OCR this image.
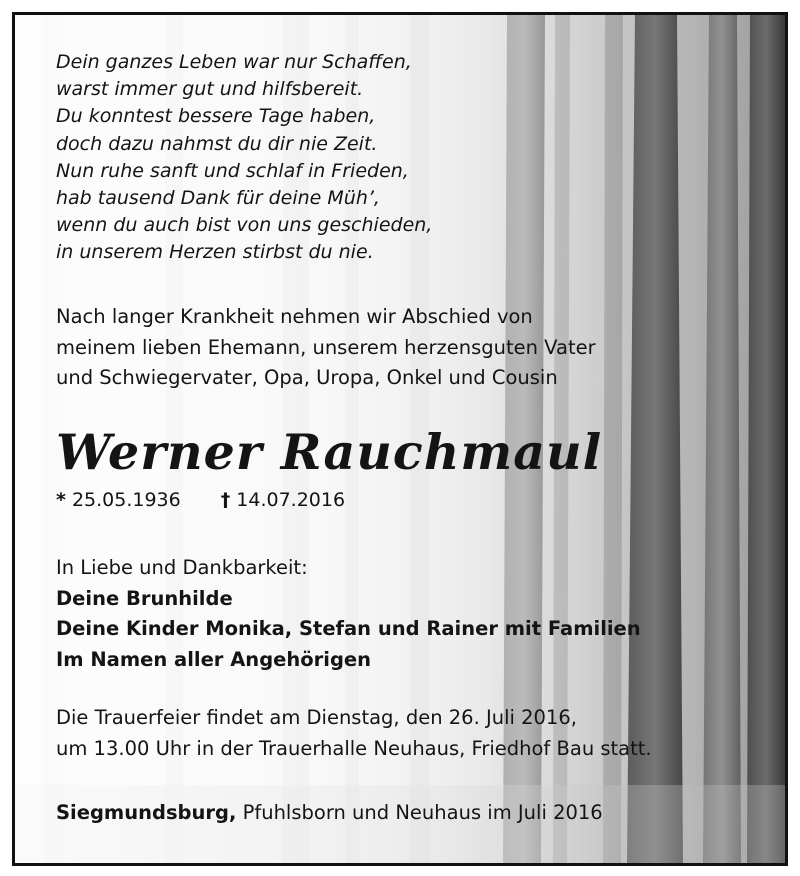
Dein ganzes Leben war nur Schaffen,
warst immer gut und hilfsbereit.
Du konntest bessere Tage haben,
doch dazu nahmst du dir nie Zeit.
Nun ruhe sanft und schlaf in Frieden,
hab tausend Dank für deine Müh’,
wenn du auch bist von uns geschieden,
in unserem Herzen stirbst du nie.
Nach langer Krankheit nehmen wir Abschied von
meinem lieben Ehemann, unserem herzensguten Vater
und Schwiegervater, Opa, Uropa, Onkel und Cousin
Werner Rauchmaul
* 25.05.1936 † 14.07.2016
In Liebe und Dankbarkeit:
Deine Brunhilde
Deine Kinder Monika, Stefan und Rainer mit Familien
Im Namen aller Angehörigen
Die Trauerfeier findet am Dienstag, den 26. Juli 2016,
um 13.00 Uhr in der Trauerhalle Neuhaus, Friedhof Bau statt.
Siegmundsburg, Pfuhlsborn und Neuhaus im Juli 2016
